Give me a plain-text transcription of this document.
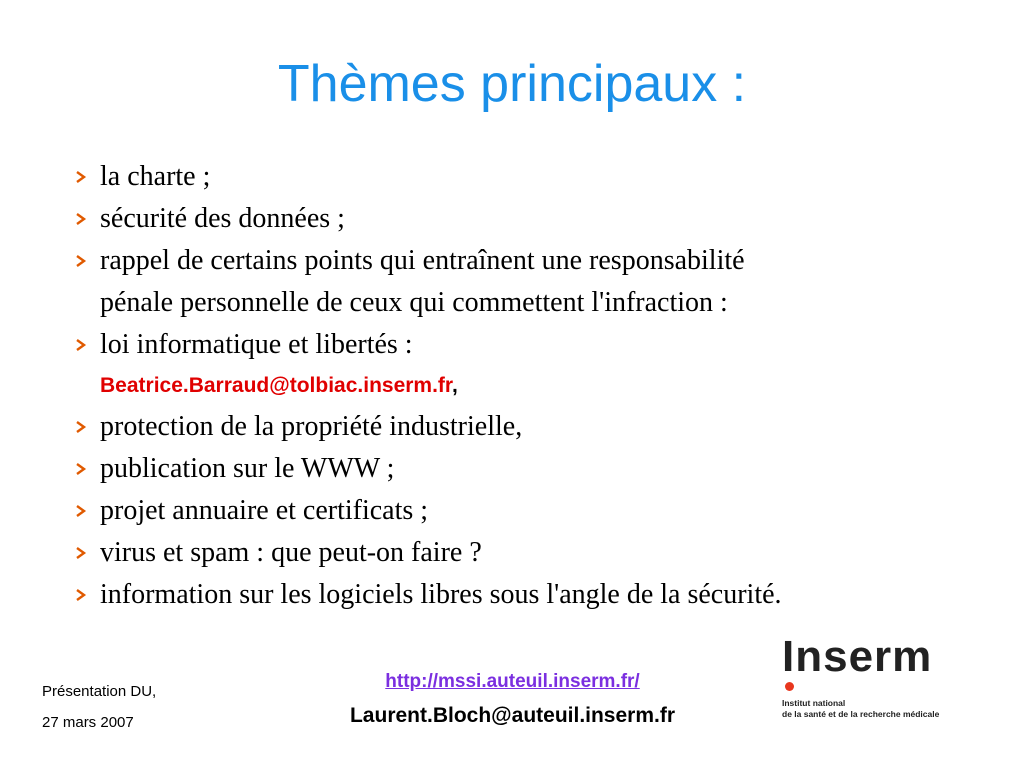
Thèmes principaux :
la charte ;
sécurité des données ;
rappel de certains points qui entraînent une responsabilité
pénale personnelle de ceux qui commettent l'infraction :
loi informatique et libertés :
Beatrice.Barraud@tolbiac.inserm.fr,
protection de la propriété industrielle,
publication sur le WWW ;
projet annuaire et certificats ;
virus et spam : que peut-on faire ?
information sur les logiciels libres sous l'angle de la sécurité.
Présentation DU,
27 mars 2007
http://mssi.auteuil.inserm.fr/
Laurent.Bloch@auteuil.inserm.fr
Inserm
Institut national
de la santé et de la recherche médicale
